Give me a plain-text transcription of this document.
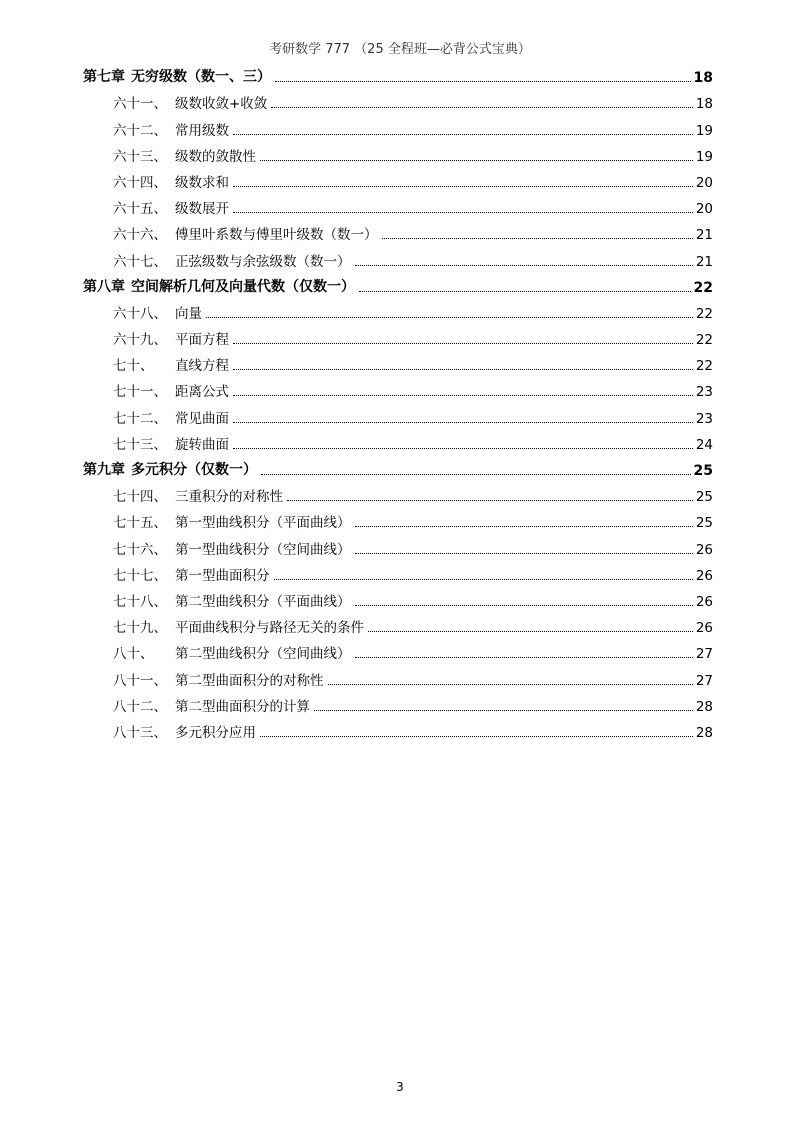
考研数学 777 （25 全程班—必背公式宝典）
第七章 无穷级数（数一、三）	18
六十一、 级数收敛+收敛	18
六十二、 常用级数	19
六十三、 级数的敛散性	19
六十四、 级数求和	20
六十五、 级数展开	20
六十六、 傅里叶系数与傅里叶级数（数一）	21
六十七、 正弦级数与余弦级数（数一）	21
第八章 空间解析几何及向量代数（仅数一）	22
六十八、 向量	22
六十九、 平面方程	22
七十、	直线方程	22
七十一、 距离公式	23
七十二、 常见曲面	23
七十三、 旋转曲面	24
第九章 多元积分（仅数一）	25
七十四、 三重积分的对称性	25
七十五、 第一型曲线积分（平面曲线）	25
七十六、 第一型曲线积分（空间曲线）	26
七十七、 第一型曲面积分	26
七十八、 第二型曲线积分（平面曲线）	26
七十九、 平面曲线积分与路径无关的条件	26
八十、	第二型曲线积分（空间曲线）	27
八十一、 第二型曲面积分的对称性	27
八十二、 第二型曲面积分的计算	28
八十三、 多元积分应用	28
3
